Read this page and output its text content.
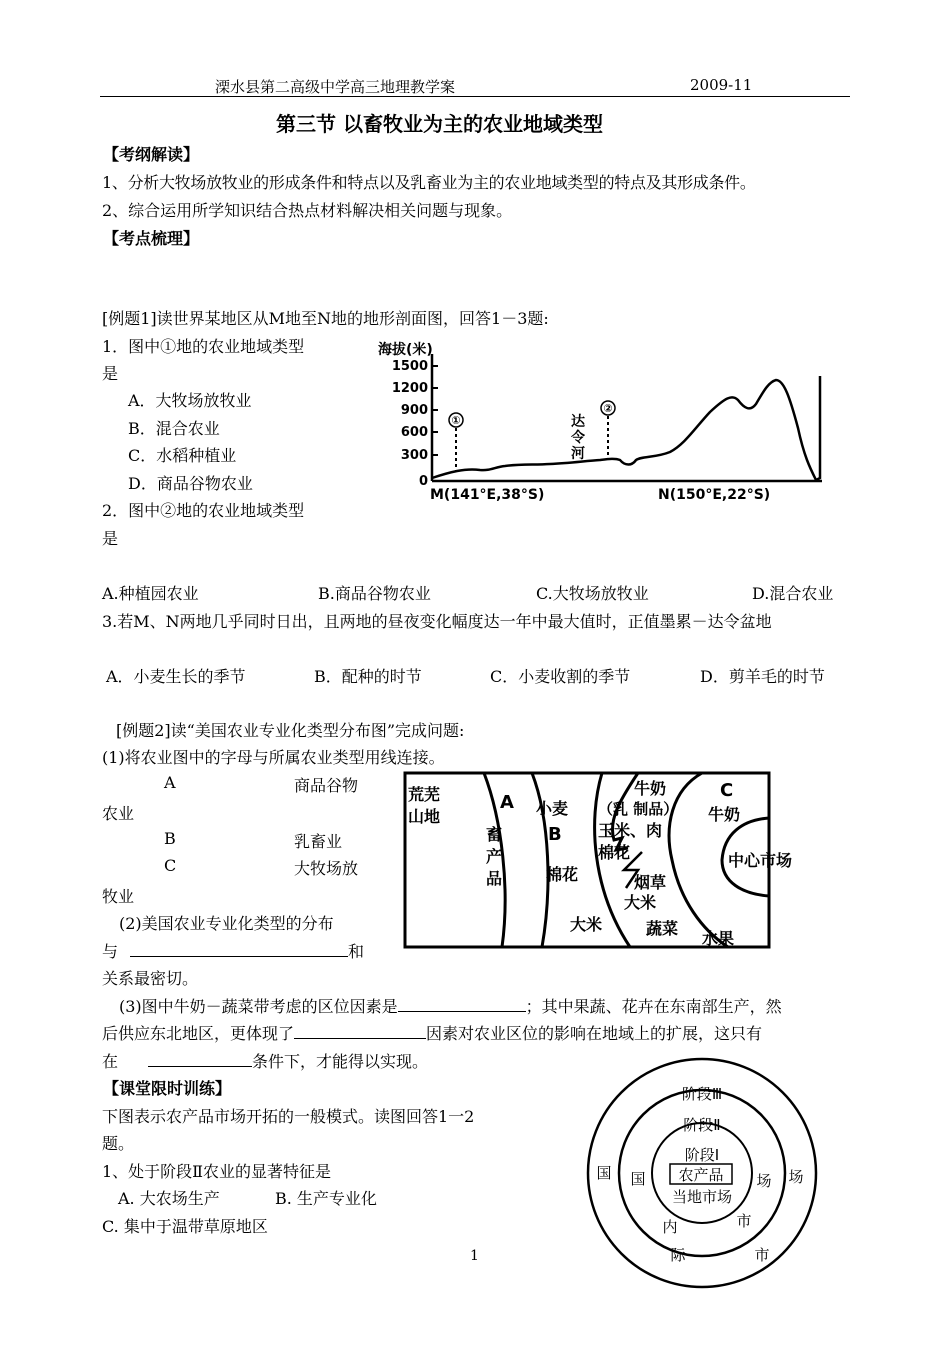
溧水县第二高级中学高三地理教学案	2009-11
第三节 以畜牧业为主的农业地域类型
【考纲解读】
1、分析大牧场放牧业的形成条件和特点以及乳畜业为主的农业地域类型的特点及其形成条件。
2、综合运用所学知识结合热点材料解决相关问题与现象。
【考点梳理】
[例题1]读世界某地区从M地至N地的地形剖面图，回答1－3题:
1．图中①地的农业地域类型
是
A．大牧场放牧业
B．混合农业
C．水稻种植业
D．商品谷物农业
2．图中②地的农业地域类型
是
A.种植园农业	B.商品谷物农业	C.大牧场放牧业	D.混合农业
3.若M、N两地几乎同时日出，且两地的昼夜变化幅度达一年中最大值时，正值墨累－达令盆地
A．小麦生长的季节	B．配种的时节	C．小麦收割的季节	D．剪羊毛的时节
海拔(米)
1500
1200
900
600
300
0
①
②
达
令
河
M(141°E,38°S)	N(150°E,22°S)
[例题2]读“美国农业专业化类型分布图”完成问题:
(1)将农业图中的字母与所属农业类型用线连接。
A	商品谷物
农业
B	乳畜业
C	大牧场放
牧业
(2)美国农业专业化类型的分布
与	和
关系最密切。
(3)图中牛奶－蔬菜带考虑的区位因素是	；其中果蔬、花卉在东南部生产，然
后供应东北地区，更体现了	因素对农业区位的影响在地域上的扩展，这只有
在	条件下，才能得以实现。
荒芜
山地
A
畜
产
品
小麦
B
棉花
大米
牛奶
（乳 制品）
玉米、肉
棉花
烟草
大米
蔬菜
C
牛奶
中心市场
水果
【课堂限时训练】
下图表示农产品市场开拓的一般模式。读图回答1一2
题。
1、处于阶段Ⅱ农业的显著特征是
A. 大农场生产	B. 生产专业化
C. 集中于温带草原地区
阶段Ⅲ
阶段Ⅱ
阶段Ⅰ
农产品
当地市场
国
内	市
场
国
际	市
场
1
